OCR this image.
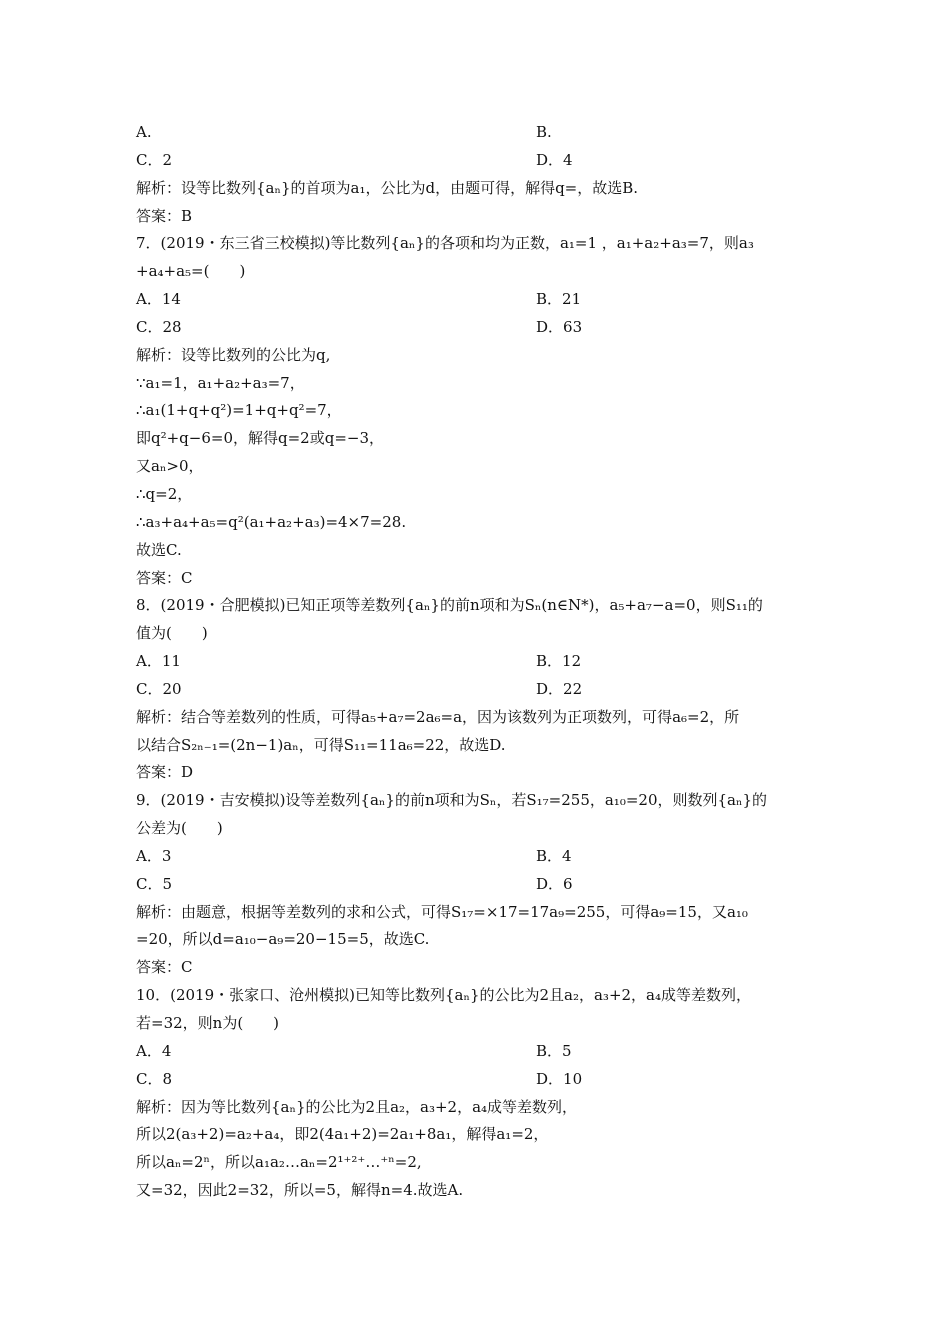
A.	B.
C．2	D．4
解析：设等比数列{aₙ}的首项为a₁，公比为d，由题可得，解得q=，故选B.
答案：B
7．(2019・东三省三校模拟)等比数列{aₙ}的各项和均为正数，a₁=1 ，a₁+a₂+a₃=7，则a₃
+a₄+a₅=(　　)
A．14	B．21
C．28	D．63
解析：设等比数列的公比为q,
∵a₁=1，a₁+a₂+a₃=7，
∴a₁(1+q+q²)=1+q+q²=7，
即q²+q−6=0，解得q=2或q=−3，
又aₙ>0，
∴q=2，
∴a₃+a₄+a₅=q²(a₁+a₂+a₃)=4×7=28.
故选C.
答案：C
8．(2019・合肥模拟)已知正项等差数列{aₙ}的前n项和为Sₙ(n∈N*)，a₅+a₇−a=0，则S₁₁的
值为(　　)
A．11	B．12
C．20	D．22
解析：结合等差数列的性质，可得a₅+a₇=2a₆=a，因为该数列为正项数列，可得a₆=2，所
以结合S₂ₙ₋₁=(2n−1)aₙ，可得S₁₁=11a₆=22，故选D.
答案：D
9．(2019・吉安模拟)设等差数列{aₙ}的前n项和为Sₙ，若S₁₇=255，a₁₀=20，则数列{aₙ}的
公差为(　　)
A．3	B．4
C．5	D．6
解析：由题意，根据等差数列的求和公式，可得S₁₇=×17=17a₉=255，可得a₉=15，又a₁₀
=20，所以d=a₁₀−a₉=20−15=5，故选C.
答案：C
10．(2019・张家口、沧州模拟)已知等比数列{aₙ}的公比为2且a₂，a₃+2，a₄成等差数列，
若=32，则n为(　　)
A．4	B．5
C．8	D．10
解析：因为等比数列{aₙ}的公比为2且a₂，a₃+2，a₄成等差数列，
所以2(a₃+2)=a₂+a₄，即2(4a₁+2)=2a₁+8a₁，解得a₁=2，
所以aₙ=2ⁿ，所以a₁a₂…aₙ=2¹⁺²⁺…⁺ⁿ=2,
又=32，因此2=32，所以=5，解得n=4.故选A.
